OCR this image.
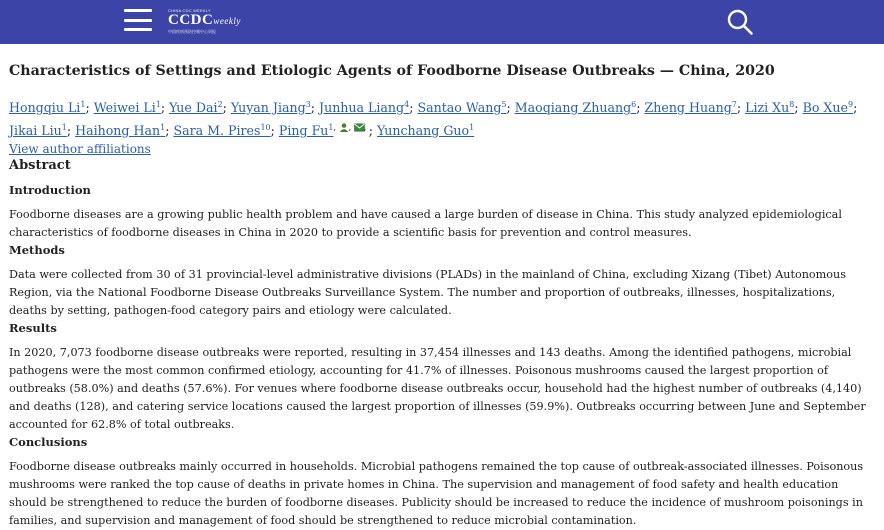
CHINA CDC WEEKLY
CCDCweekly
中国疾病预防控制中心周报
Characteristics of Settings and Etiologic Agents of Foodborne Disease Outbreaks — China, 2020
Hongqiu Li$^1$; Weiwei Li$^1$; Yue Dai$^2$; Yuyan Jiang$^3$; Junhua Liang$^4$; Santao Wang$^5$; Maoqiang Zhuang$^6$; Zheng Huang$^7$; Lizi Xu$^8$; Bo Xue$^9$;
Jikai Liu$^1$; Haihong Han$^1$; Sara M. Pires$^{10}$; Ping $Fu^{1,}$ , , ; Yunchang Guo$^1$
View author affiliations
Abstract
Introduction

Foodborne diseases are a growing public health problem and have caused a large burden of disease in China. This study analyzed epidemiological characteristics of foodborne diseases in China in 2020 to provide a scientific basis for prevention and control measures.

Methods

Data were collected from 30 of 31 provincial-level administrative divisions (PLADs) in the mainland of China, excluding Xizang (Tibet) Autonomous Region, via the National Foodborne Disease Outbreaks Surveillance System. The number and proportion of outbreaks, illnesses, hospitalizations, deaths by setting, pathogen-food category pairs and etiology were calculated.

Results

In 2020, 7,073 foodborne disease outbreaks were reported, resulting in 37,454 illnesses and 143 deaths. Among the identified pathogens, microbial pathogens were the most common confirmed etiology, accounting for 41.7% of illnesses. Poisonous mushrooms caused the largest proportion of outbreaks (58.0%) and deaths (57.6%). For venues where foodborne disease outbreaks occur, household had the highest number of outbreaks (4,140) and deaths (128), and catering service locations caused the largest proportion of illnesses (59.9%). Outbreaks occurring between June and September accounted for 62.8% of total outbreaks.

Conclusions

Foodborne disease outbreaks mainly occurred in households. Microbial pathogens remained the top cause of outbreak-associated illnesses. Poisonous mushrooms were ranked the top cause of deaths in private homes in China. The supervision and management of food safety and health education should be strengthened to reduce the burden of foodborne diseases. Publicity should be increased to reduce the incidence of mushroom poisonings in families, and supervision and management of food should be strengthened to reduce microbial contamination.
